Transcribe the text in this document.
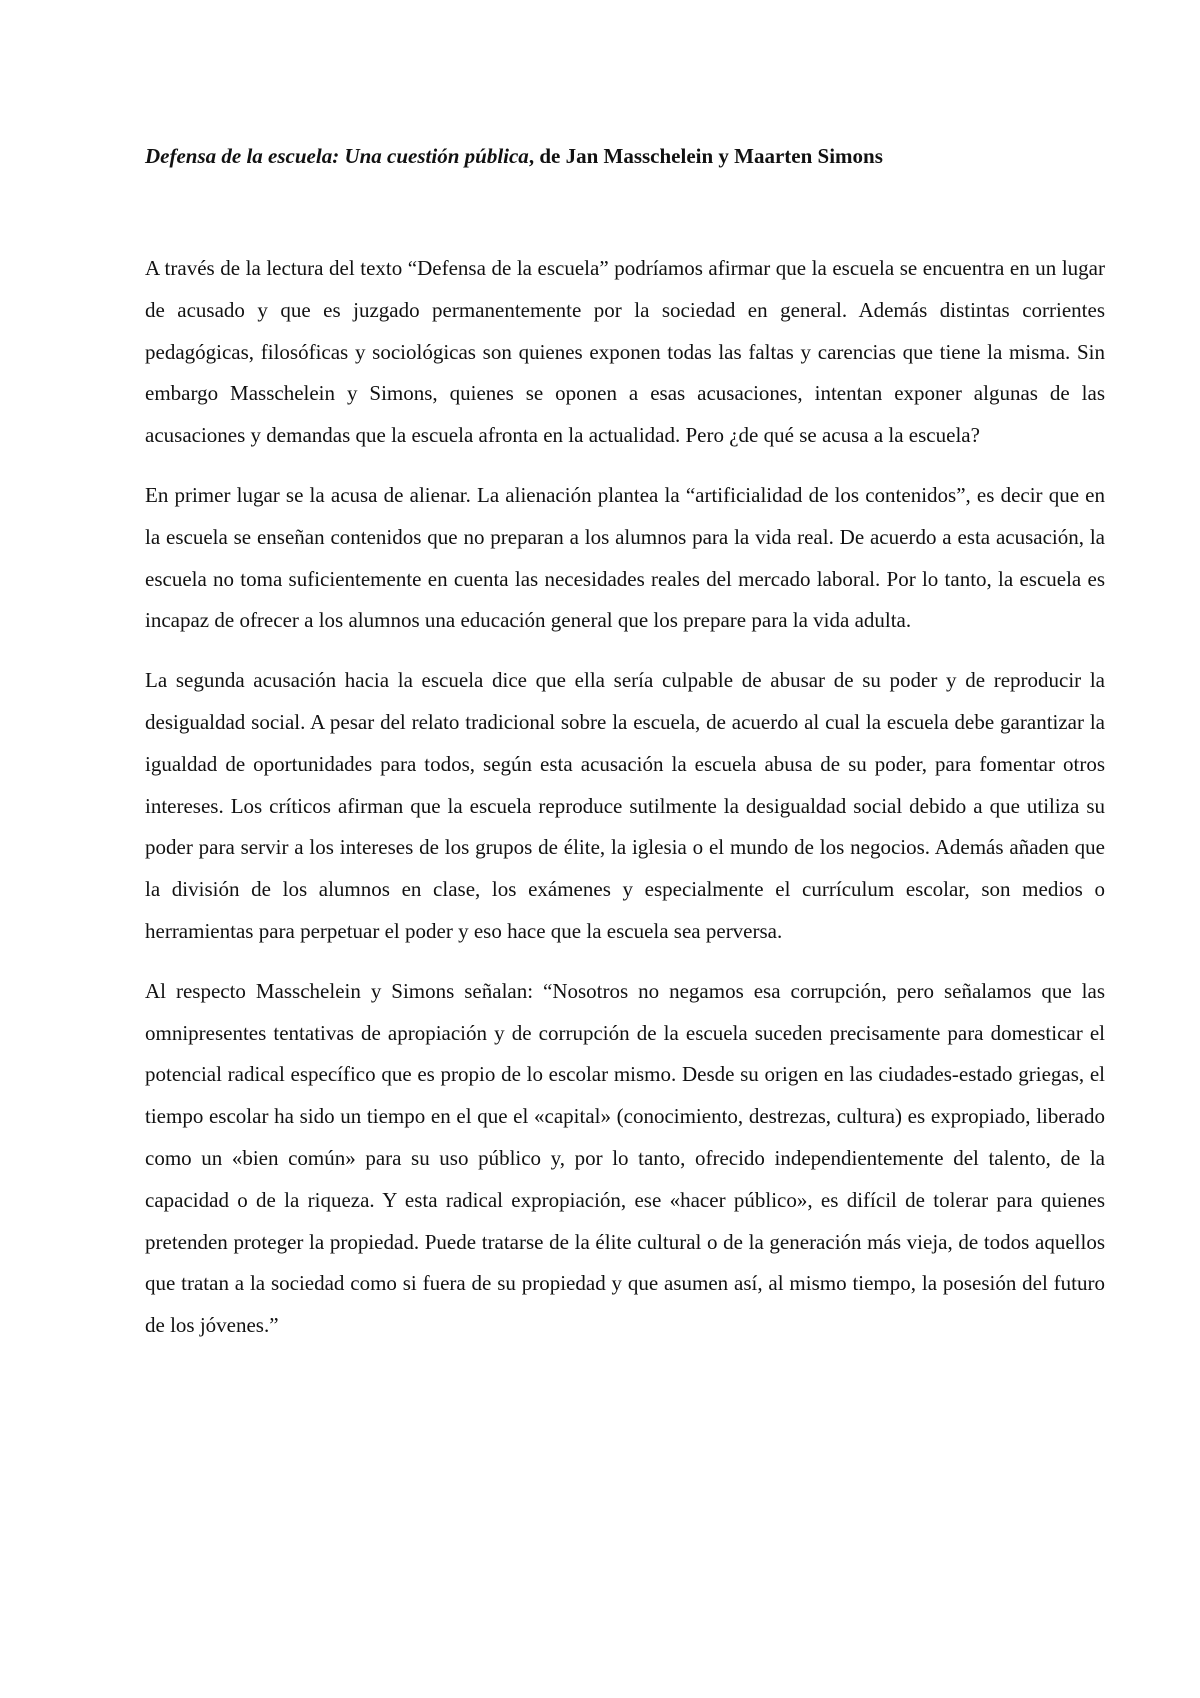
Defensa de la escuela: Una cuestión pública, de Jan Masschelein y Maarten Simons

A través de la lectura del texto “Defensa de la escuela” podríamos afirmar que la escuela se encuentra en un lugar de acusado y que es juzgado permanentemente por la sociedad en general. Además distintas corrientes pedagógicas, filosóficas y sociológicas son quienes exponen todas las faltas y carencias que tiene la misma. Sin embargo Masschelein y Simons, quienes se oponen a esas acusaciones, intentan exponer algunas de las acusaciones y demandas que la escuela afronta en la actualidad. Pero ¿de qué se acusa a la escuela?

En primer lugar se la acusa de alienar. La alienación plantea la “artificialidad de los contenidos”, es decir que en la escuela se enseñan contenidos que no preparan a los alumnos para la vida real. De acuerdo a esta acusación, la escuela no toma suficientemente en cuenta las necesidades reales del mercado laboral. Por lo tanto, la escuela es incapaz de ofrecer a los alumnos una educación general que los prepare para la vida adulta.

La segunda acusación hacia la escuela dice que ella sería culpable de abusar de su poder y de reproducir la desigualdad social. A pesar del relato tradicional sobre la escuela, de acuerdo al cual la escuela debe garantizar la igualdad de oportunidades para todos, según esta acusación la escuela abusa de su poder, para fomentar otros intereses. Los críticos afirman que la escuela reproduce sutilmente la desigualdad social debido a que utiliza su poder para servir a los intereses de los grupos de élite, la iglesia o el mundo de los negocios. Además añaden que la división de los alumnos en clase, los exámenes y especialmente el currículum escolar, son medios o herramientas para perpetuar el poder y eso hace que la escuela sea perversa.

Al respecto Masschelein y Simons señalan: “Nosotros no negamos esa corrupción, pero señalamos que las omnipresentes tentativas de apropiación y de corrupción de la escuela suceden precisamente para domesticar el potencial radical específico que es propio de lo escolar mismo. Desde su origen en las ciudades-estado griegas, el tiempo escolar ha sido un tiempo en el que el «capital» (conocimiento, destrezas, cultura) es expropiado, liberado como un «bien común» para su uso público y, por lo tanto, ofrecido independientemente del talento, de la capacidad o de la riqueza. Y esta radical expropiación, ese «hacer público», es difícil de tolerar para quienes pretenden proteger la propiedad. Puede tratarse de la élite cultural o de la generación más vieja, de todos aquellos que tratan a la sociedad como si fuera de su propiedad y que asumen así, al mismo tiempo, la posesión del futuro de los jóvenes.”
